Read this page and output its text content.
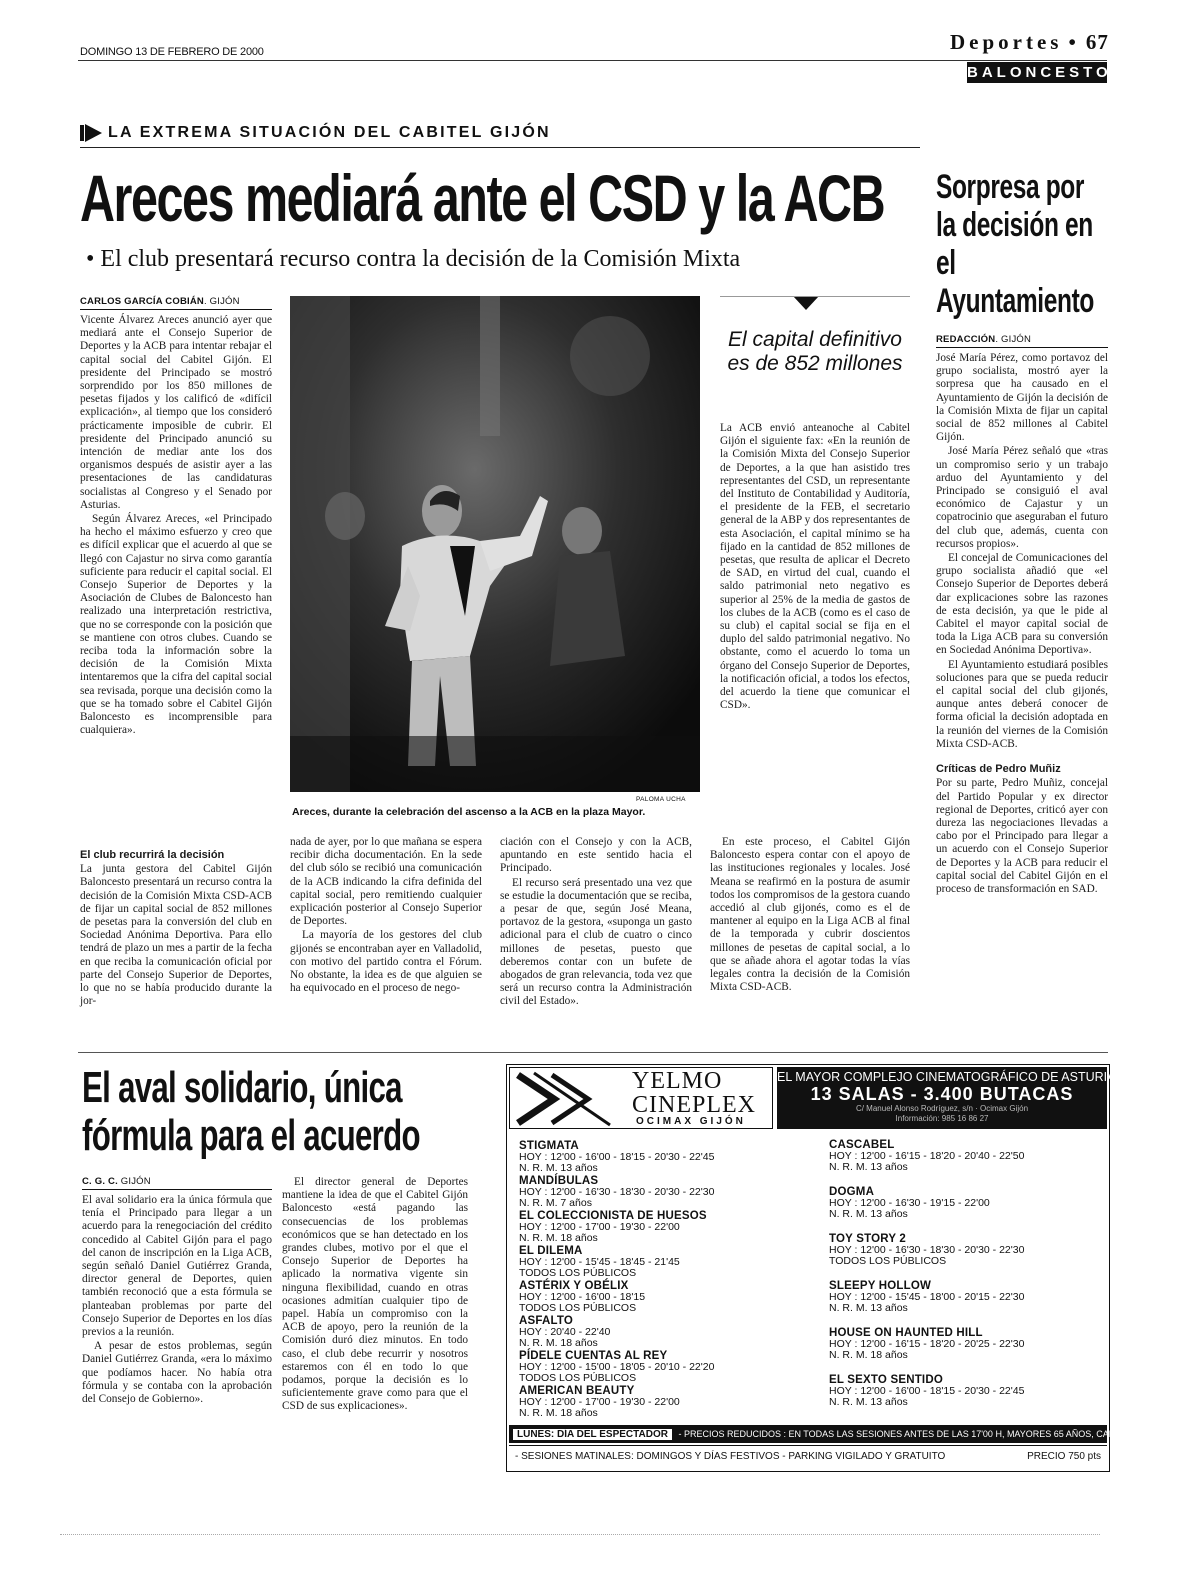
DOMINGO 13 DE FEBRERO DE 2000	Deportes • 67
BALONCESTO
LA EXTREMA SITUACIÓN DEL CABITEL GIJÓN
Areces mediará ante el CSD y la ACB
• El club presentará recurso contra la decisión de la Comisión Mixta
CARLOS GARCÍA COBIÁN. GIJÓN

Vicente Álvarez Areces anunció ayer que mediará ante el Consejo Superior de Deportes y la ACB para intentar rebajar el capital social del Cabitel Gijón. El presidente del Principado se mostró sorprendido por los 850 millones de pesetas fijados y los calificó de «difícil explicación», al tiempo que los consideró prácticamente imposible de cubrir. El presidente del Principado anunció su intención de mediar ante los dos organismos después de asistir ayer a las presentaciones de las candidaturas socialistas al Congreso y el Senado por Asturias.

Según Álvarez Areces, «el Principado ha hecho el máximo esfuerzo y creo que es difícil explicar que el acuerdo al que se llegó con Cajastur no sirva como garantía suficiente para reducir el capital social. El Consejo Superior de Deportes y la Asociación de Clubes de Baloncesto han realizado una interpretación restrictiva, que no se corresponde con la posición que se mantiene con otros clubes. Cuando se reciba toda la información sobre la decisión de la Comisión Mixta intentaremos que la cifra del capital social sea revisada, porque una decisión como la que se ha tomado sobre el Cabitel Gijón Baloncesto es incomprensible para cualquiera».

PALOMA UCHA
Areces, durante la celebración del ascenso a la ACB en la plaza Mayor.
El club recurrirá la decisión

La junta gestora del Cabitel Gijón Baloncesto presentará un recurso contra la decisión de la Comisión Mixta CSD-ACB de fijar un capital social de 852 millones de pesetas para la conversión del club en Sociedad Anónima Deportiva. Para ello tendrá de plazo un mes a partir de la fecha en que reciba la comunicación oficial por parte del Consejo Superior de Deportes, lo que no se había producido durante la jor-

nada de ayer, por lo que mañana se espera recibir dicha documentación. En la sede del club sólo se recibió una comunicación de la ACB indicando la cifra definida del capital social, pero remitiendo cualquier explicación posterior al Consejo Superior de Deportes.

La mayoría de los gestores del club gijonés se encontraban ayer en Valladolid, con motivo del partido contra el Fórum. No obstante, la idea es de que alguien se ha equivocado en el proceso de nego-

ciación con el Consejo y con la ACB, apuntando en este sentido hacia el Principado.

El recurso será presentado una vez que se estudie la documentación que se reciba, a pesar de que, según José Meana, portavoz de la gestora, «suponga un gasto adicional para el club de cuatro o cinco millones de pesetas, puesto que deberemos contar con un bufete de abogados de gran relevancia, toda vez que será un recurso contra la Administración civil del Estado».

En este proceso, el Cabitel Gijón Baloncesto espera contar con el apoyo de las instituciones regionales y locales. José Meana se reafirmó en la postura de asumir todos los compromisos de la gestora cuando accedió al club gijonés, como es el de mantener al equipo en la Liga ACB al final de la temporada y cubrir doscientos millones de pesetas de capital social, a lo que se añade ahora el agotar todas la vías legales contra la decisión de la Comisión Mixta CSD-ACB.

El capital definitivo es de 852 millones

La ACB envió anteanoche al Cabitel Gijón el siguiente fax: «En la reunión de la Comisión Mixta del Consejo Superior de Deportes, a la que han asistido tres representantes del CSD, un representante del Instituto de Contabilidad y Auditoría, el presidente de la FEB, el secretario general de la ABP y dos representantes de esta Asociación, el capital mínimo se ha fijado en la cantidad de 852 millones de pesetas, que resulta de aplicar el Decreto de SAD, en virtud del cual, cuando el saldo patrimonial neto negativo es superior al 25% de la media de gastos de los clubes de la ACB (como es el caso de su club) el capital social se fija en el duplo del saldo patrimonial negativo. No obstante, como el acuerdo lo toma un órgano del Consejo Superior de Deportes, la notificación oficial, a todos los efectos, del acuerdo la tiene que comunicar el CSD».

Sorpresa por la decisión en el Ayuntamiento
REDACCIÓN. GIJÓN

José María Pérez, como portavoz del grupo socialista, mostró ayer la sorpresa que ha causado en el Ayuntamiento de Gijón la decisión de la Comisión Mixta de fijar un capital social de 852 millones al Cabitel Gijón.

José María Pérez señaló que «tras un compromiso serio y un trabajo arduo del Ayuntamiento y del Principado se consiguió el aval económico de Cajastur y un copatrocinio que aseguraban el futuro del club que, además, cuenta con recursos propios».

El concejal de Comunicaciones del grupo socialista añadió que «el Consejo Superior de Deportes deberá dar explicaciones sobre las razones de esta decisión, ya que le pide al Cabitel el mayor capital social de toda la Liga ACB para su conversión en Sociedad Anónima Deportiva».

El Ayuntamiento estudiará posibles soluciones para que se pueda reducir el capital social del club gijonés, aunque antes deberá conocer de forma oficial la decisión adoptada en la reunión del viernes de la Comisión Mixta CSD-ACB.

Críticas de Pedro Muñiz

Por su parte, Pedro Muñiz, concejal del Partido Popular y ex director regional de Deportes, criticó ayer con dureza las negociaciones llevadas a cabo por el Principado para llegar a un acuerdo con el Consejo Superior de Deportes y la ACB para reducir el capital social del Cabitel Gijón en el proceso de transformación en SAD.

El aval solidario, única
fórmula para el acuerdo
C. G. C. GIJÓN

El aval solidario era la única fórmula que tenía el Principado para llegar a un acuerdo para la renegociación del crédito concedido al Cabitel Gijón para el pago del canon de inscripción en la Liga ACB, según señaló Daniel Gutiérrez Granda, director general de Deportes, quien también reconoció que a esta fórmula se planteaban problemas por parte del Consejo Superior de Deportes en los días previos a la reunión.

A pesar de estos problemas, según Daniel Gutiérrez Granda, «era lo máximo que podíamos hacer. No había otra fórmula y se contaba con la aprobación del Consejo de Gobierno».

El director general de Deportes mantiene la idea de que el Cabitel Gijón Baloncesto «está pagando las consecuencias de los problemas económicos que se han detectado en los grandes clubes, motivo por el que el Consejo Superior de Deportes ha aplicado la normativa vigente sin ninguna flexibilidad, cuando en otras ocasiones admitían cualquier tipo de papel. Había un compromiso con la ACB de apoyo, pero la reunión de la Comisión duró diez minutos. En todo caso, el club debe recurrir y nosotros estaremos con él en todo lo que podamos, porque la decisión es lo suficientemente grave como para que el CSD de sus explicaciones».

YELMO
CINEPLEX
OCIMAX GIJÓN
EL MAYOR COMPLEJO CINEMATOGRÁFICO DE ASTURIAS
13 SALAS - 3.400 BUTACAS
C/ Manuel Alonso Rodríguez, s/n · Ocimax Gijón
Información: 985 16 86 27
STIGMATA
HOY : 12'00 - 16'00 - 18'15 - 20'30 - 22'45
N. R. M. 13 años
MANDÍBULAS
HOY : 12'00 - 16'30 - 18'30 - 20'30 - 22'30
N. R. M. 7 años
EL COLECCIONISTA DE HUESOS
HOY : 12'00 - 17'00 - 19'30 - 22'00
N. R. M. 18 años
EL DILEMA
HOY : 12'00 - 15'45 - 18'45 - 21'45
TODOS LOS PÚBLICOS
ASTÉRIX Y OBÉLIX
HOY : 12'00 - 16'00 - 18'15
TODOS LOS PÚBLICOS
ASFALTO
HOY : 20'40 - 22'40
N. R. M. 18 años
PÍDELE CUENTAS AL REY
HOY : 12'00 - 15'00 - 18'05 - 20'10 - 22'20
TODOS LOS PÚBLICOS
AMERICAN BEAUTY
HOY : 12'00 - 17'00 - 19'30 - 22'00
N. R. M. 18 años
CASCABEL
HOY : 12'00 - 16'15 - 18'20 - 20'40 - 22'50
N. R. M. 13 años
DOGMA
HOY : 12'00 - 16'30 - 19'15 - 22'00
N. R. M. 13 años
TOY STORY 2
HOY : 12'00 - 16'30 - 18'30 - 20'30 - 22'30
TODOS LOS PÚBLICOS
SLEEPY HOLLOW
HOY : 12'00 - 15'45 - 18'00 - 20'15 - 22'30
N. R. M. 13 años
HOUSE ON HAUNTED HILL
HOY : 12'00 - 16'15 - 18'20 - 20'25 - 22'30
N. R. M. 18 años
EL SEXTO SENTIDO
HOY : 12'00 - 16'00 - 18'15 - 20'30 - 22'45
N. R. M. 13 años
LUNES: DÍA DEL ESPECTADOR - PRECIOS REDUCIDOS : EN TODAS LAS SESIONES ANTES DE LAS 17'00 H, MAYORES 65 AÑOS, CARNET JOVEN
- SESIONES MATINALES: DOMINGOS Y DÍAS FESTIVOS - PARKING VIGILADO Y GRATUITO	PRECIO 750 pts
